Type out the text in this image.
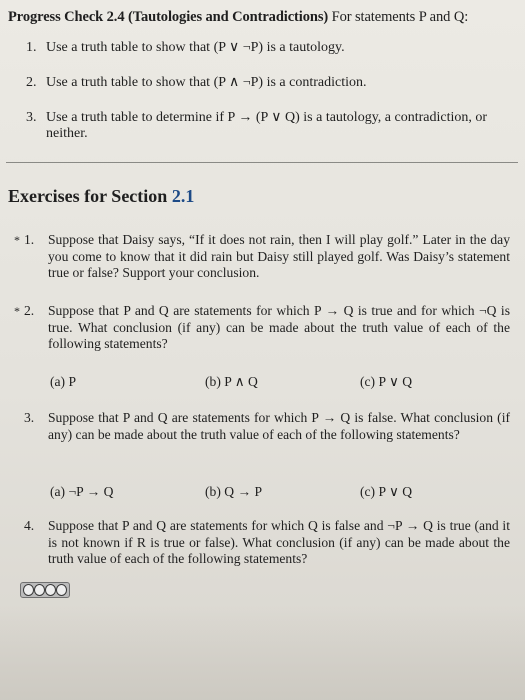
Progress Check 2.4 (Tautologies and Contradictions) For statements P and Q:
1. Use a truth table to show that (P ∨ ¬P) is a tautology.
2. Use a truth table to show that (P ∧ ¬P) is a contradiction.
3. Use a truth table to determine if P → (P ∨ Q) is a tautology, a contradiction, or neither.
Exercises for Section 2.1
* 1.	Suppose that Daisy says, “If it does not rain, then I will play golf.” Later in the day you come to know that it did rain but Daisy still played golf. Was Daisy’s statement true or false? Support your conclusion.
* 2.	Suppose that P and Q are statements for which P → Q is true and for which ¬Q is true. What conclusion (if any) can be made about the truth value of each of the following statements?
(a) P	(b) P ∧ Q	(c) P ∨ Q
3.	Suppose that P and Q are statements for which P → Q is false. What conclusion (if any) can be made about the truth value of each of the following statements?
(a) ¬P → Q	(b) Q → P	(c) P ∨ Q
4.	Suppose that P and Q are statements for which Q is false and ¬P → Q is true (and it is not known if R is true or false). What conclusion (if any) can be made about the truth value of each of the following statements?
